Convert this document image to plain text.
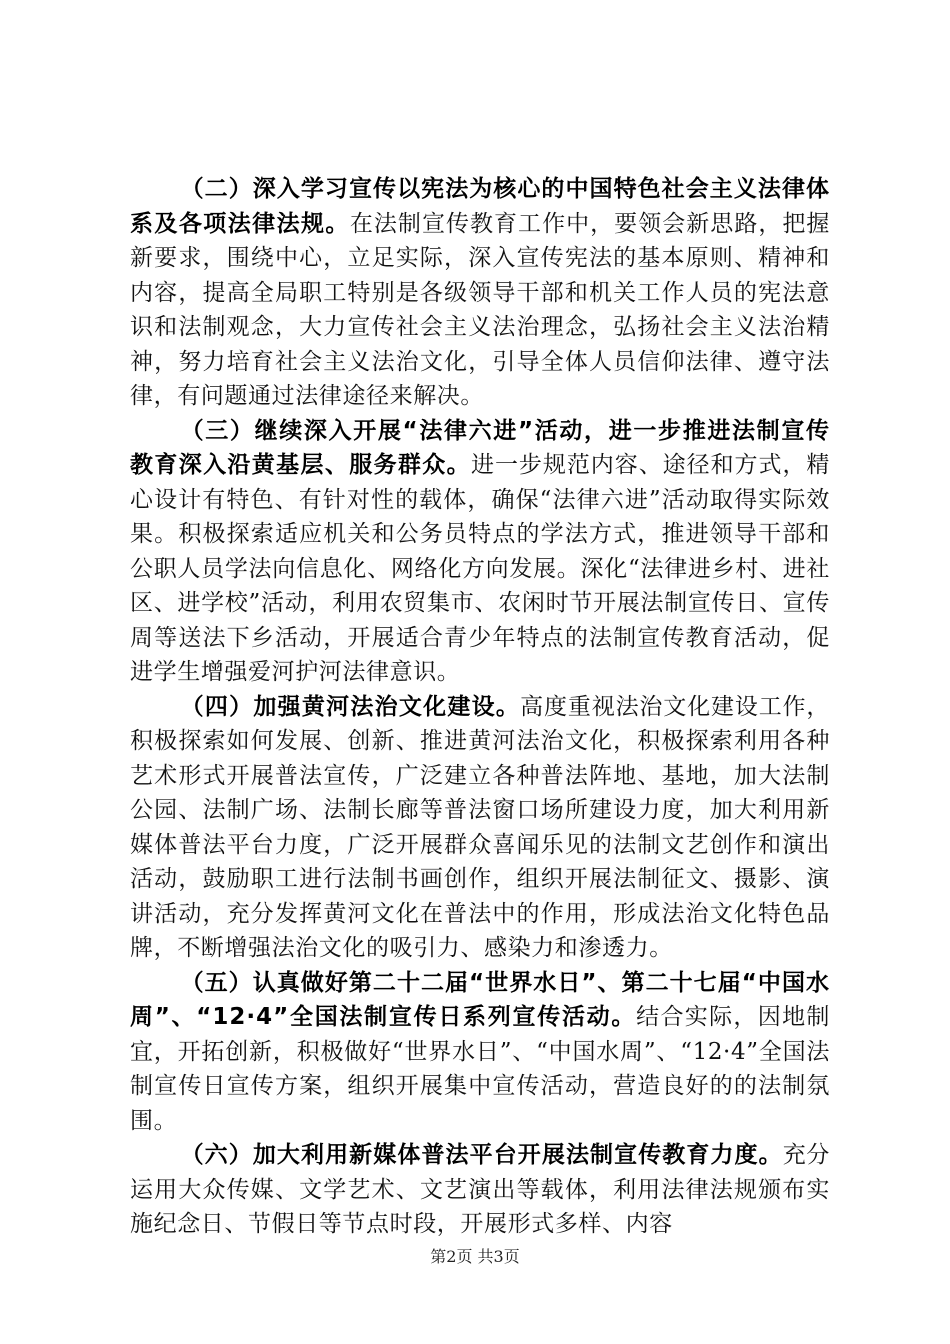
（二）深入学习宣传以宪法为核心的中国特色社会主义法律体系及各项法律法规。在法制宣传教育工作中，要领会新思路，把握新要求，围绕中心，立足实际，深入宣传宪法的基本原则、精神和内容，提高全局职工特别是各级领导干部和机关工作人员的宪法意识和法制观念，大力宣传社会主义法治理念，弘扬社会主义法治精神，努力培育社会主义法治文化，引导全体人员信仰法律、遵守法律，有问题通过法律途径来解决。

（三）继续深入开展“法律六进”活动，进一步推进法制宣传教育深入沿黄基层、服务群众。进一步规范内容、途径和方式，精心设计有特色、有针对性的载体，确保“法律六进”活动取得实际效果。积极探索适应机关和公务员特点的学法方式，推进领导干部和公职人员学法向信息化、网络化方向发展。深化“法律进乡村、进社区、进学校”活动，利用农贸集市、农闲时节开展法制宣传日、宣传周等送法下乡活动，开展适合青少年特点的法制宣传教育活动，促进学生增强爱河护河法律意识。

（四）加强黄河法治文化建设。高度重视法治文化建设工作，积极探索如何发展、创新、推进黄河法治文化，积极探索利用各种艺术形式开展普法宣传，广泛建立各种普法阵地、基地，加大法制公园、法制广场、法制长廊等普法窗口场所建设力度，加大利用新媒体普法平台力度，广泛开展群众喜闻乐见的法制文艺创作和演出活动，鼓励职工进行法制书画创作，组织开展法制征文、摄影、演讲活动，充分发挥黄河文化在普法中的作用，形成法治文化特色品牌，不断增强法治文化的吸引力、感染力和渗透力。

（五）认真做好第二十二届“世界水日”、第二十七届“中国水周”、“12·4”全国法制宣传日系列宣传活动。结合实际，因地制宜，开拓创新，积极做好“世界水日”、“中国水周”、“12·4”全国法制宣传日宣传方案，组织开展集中宣传活动，营造良好的的法制氛围。

（六）加大利用新媒体普法平台开展法制宣传教育力度。充分运用大众传媒、文学艺术、文艺演出等载体，利用法律法规颁布实施纪念日、节假日等节点时段，开展形式多样、内容

第2页 共3页
